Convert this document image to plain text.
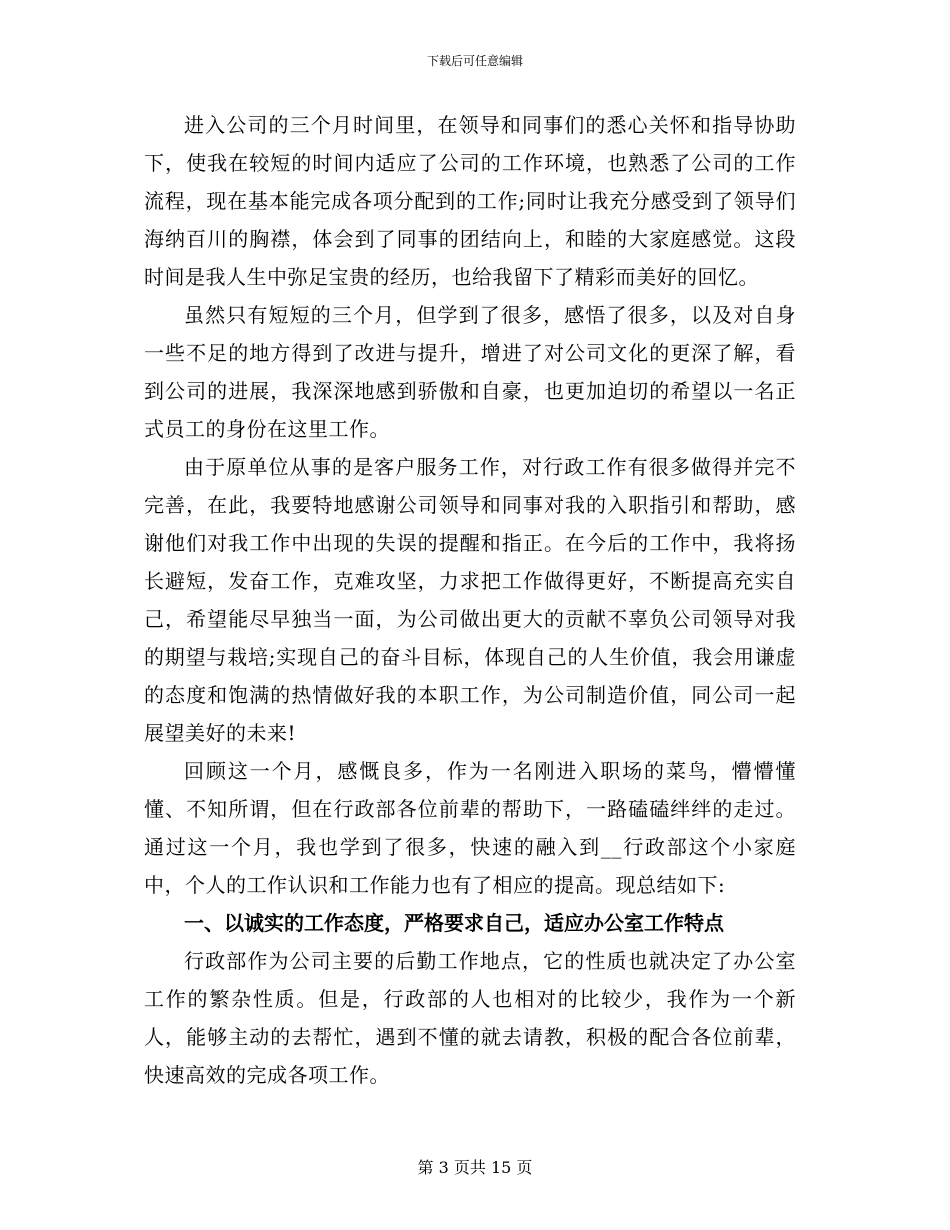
下载后可任意编辑

进入公司的三个月时间里，在领导和同事们的悉心关怀和指导协助下，使我在较短的时间内适应了公司的工作环境，也熟悉了公司的工作流程，现在基本能完成各项分配到的工作;同时让我充分感受到了领导们海纳百川的胸襟，体会到了同事的团结向上，和睦的大家庭感觉。这段时间是我人生中弥足宝贵的经历，也给我留下了精彩而美好的回忆。

虽然只有短短的三个月，但学到了很多，感悟了很多，以及对自身一些不足的地方得到了改进与提升，增进了对公司文化的更深了解，看到公司的进展，我深深地感到骄傲和自豪，也更加迫切的希望以一名正式员工的身份在这里工作。

由于原单位从事的是客户服务工作，对行政工作有很多做得并完不完善，在此，我要特地感谢公司领导和同事对我的入职指引和帮助，感谢他们对我工作中出现的失误的提醒和指正。在今后的工作中，我将扬长避短，发奋工作，克难攻坚，力求把工作做得更好，不断提高充实自己，希望能尽早独当一面，为公司做出更大的贡献不辜负公司领导对我的期望与栽培;实现自己的奋斗目标，体现自己的人生价值，我会用谦虚的态度和饱满的热情做好我的本职工作，为公司制造价值，同公司一起展望美好的未来!

回顾这一个月，感慨良多，作为一名刚进入职场的菜鸟，懵懵懂懂、不知所谓，但在行政部各位前辈的帮助下，一路磕磕绊绊的走过。通过这一个月，我也学到了很多，快速的融入到__行政部这个小家庭中，个人的工作认识和工作能力也有了相应的提高。现总结如下:

一、以诚实的工作态度，严格要求自己，适应办公室工作特点

行政部作为公司主要的后勤工作地点，它的性质也就决定了办公室工作的繁杂性质。但是，行政部的人也相对的比较少，我作为一个新人，能够主动的去帮忙，遇到不懂的就去请教，积极的配合各位前辈，快速高效的完成各项工作。

第 3 页共 15 页
